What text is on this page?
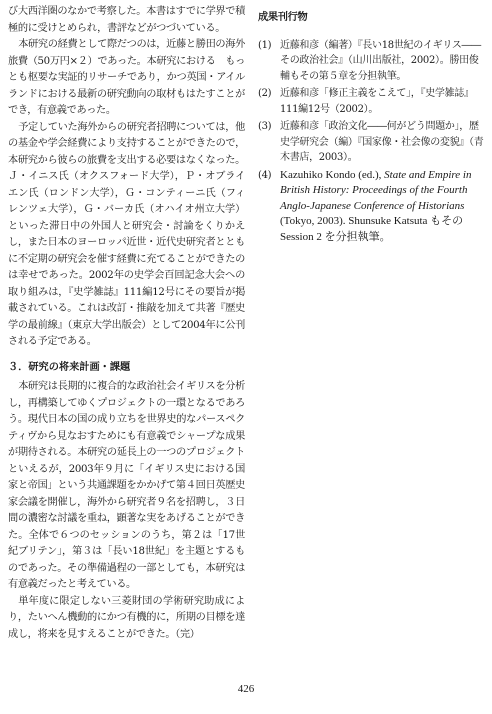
び大西洋圏のなかで考察した。本書はすでに学界で積極的に受けとめられ，書評などがつづいている。

本研究の経費として際だつのは，近藤と勝田の海外旅費（50万円×２）であった。本研究における　もっとも枢要な実証的リサーチであり，かつ英国・アイルランドにおける最新の研究動向の取材もはたすことができ，有意義であった。

予定していた海外からの研究者招聘については，他の基金や学会経費により支持することができたので，本研究から彼らの旅費を支出する必要はなくなった。Ｊ・イニス氏（オクスフォード大学），Ｐ・オブライエン氏（ロンドン大学），Ｇ・コンティーニ氏（フィレンツェ大学），Ｇ・バーカ氏（オハイオ州立大学）といった滞日中の外国人と研究会・討論をくりかえし，また日本のヨーロッパ近世・近代史研究者とともに不定期の研究会を催す経費に充てることができたのは幸せであった。2002年の史学会百回記念大会への取り組みは，『史学雑誌』111編12号にその要旨が掲載されている。これは改訂・推敲を加えて共著『歴史学の最前線』（東京大学出版会）として2004年に公刊される予定である。

３．研究の将来計画・課題

本研究は長期的に複合的な政治社会イギリスを分析し，再構築してゆくプロジェクトの一環となるであろう。現代日本の国の成り立ちを世界史的なパースペクティヴから見なおすためにも有意義でシャープな成果が期待される。本研究の延長上の一つのプロジェクトといえるが，2003年９月に「イギリス史における国家と帝国」という共通課題をかかげて第４回日英歴史家会議を開催し，海外から研究者９名を招聘し，３日間の濃密な討議を重ね，顕著な実をあげることができた。全体で６つのセッションのうち，第２は「17世紀ブリテン」，第３は「長い18世紀」を主題とするものであった。その準備過程の一部としても，本研究は有意義だったと考えている。

単年度に限定しない三菱財団の学術研究助成により，たいへん機動的にかつ有機的に，所期の目標を達成し，将来を見すえることができた。（完）

成果刊行物
(1) 近藤和彦（編著）『長い18世紀のイギリス――その政治社会』（山川出版社，2002）。勝田俊輔もその第５章を分担執筆。
(2) 近藤和彦「修正主義をこえて」，『史学雑誌』111編12号（2002）。
(3) 近藤和彦「政治文化――何がどう問題か」，歴史学研究会（編）『国家像・社会像の変貌』（青木書店，2003）。
(4) Kazuhiko Kondo (ed.), State and Empire in British History: Proceedings of the Fourth Anglo-Japanese Conference of Historians (Tokyo, 2003). Shunsuke Katsuta もその Session 2 を分担執筆。
426
